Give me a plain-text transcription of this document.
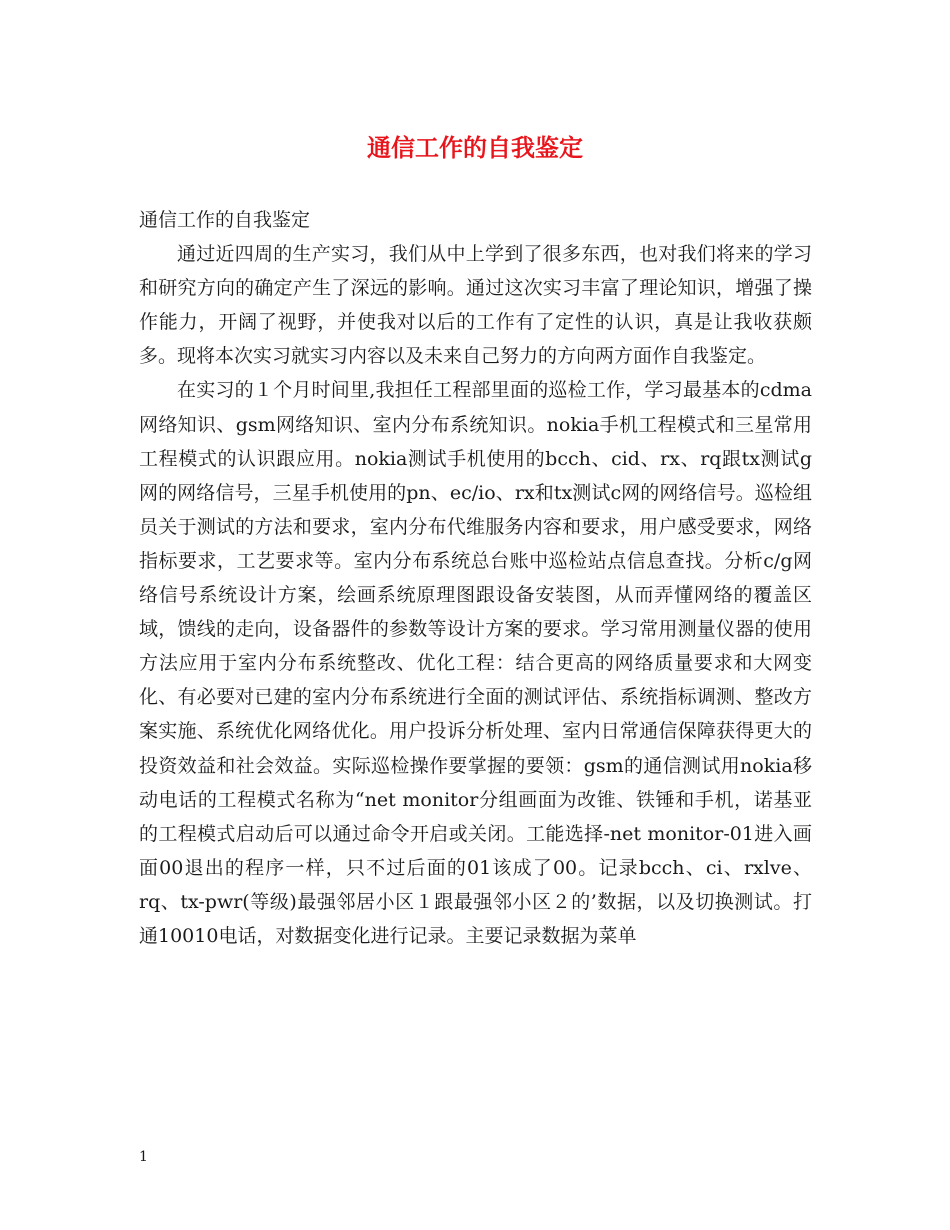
通信工作的自我鉴定

通信工作的自我鉴定

通过近四周的生产实习，我们从中上学到了很多东西，也对我们将来的学习和研究方向的确定产生了深远的影响。通过这次实习丰富了理论知识，增强了操作能力，开阔了视野，并使我对以后的工作有了定性的认识，真是让我收获颇多。现将本次实习就实习内容以及未来自己努力的方向两方面作自我鉴定。

在实习的１个月时间里,我担任工程部里面的巡检工作，学习最基本的cdma网络知识、gsm网络知识、室内分布系统知识。nokia手机工程模式和三星常用工程模式的认识跟应用。nokia测试手机使用的bcch、cid、rx、rq跟tx测试g网的网络信号，三星手机使用的pn、ec/io、rx和tx测试c网的网络信号。巡检组员关于测试的方法和要求，室内分布代维服务内容和要求，用户感受要求，网络指标要求，工艺要求等。室内分布系统总台账中巡检站点信息查找。分析c/g网络信号系统设计方案，绘画系统原理图跟设备安装图，从而弄懂网络的覆盖区域，馈线的走向，设备器件的参数等设计方案的要求。学习常用测量仪器的使用方法应用于室内分布系统整改、优化工程：结合更高的网络质量要求和大网变化、有必要对已建的室内分布系统进行全面的测试评估、系统指标调测、整改方案实施、系统优化网络优化。用户投诉分析处理、室内日常通信保障获得更大的投资效益和社会效益。实际巡检操作要掌握的要领：gsm的通信测试用nokia移动电话的工程模式名称为“net monitor分组画面为改锥、铁锤和手机，诺基亚的工程模式启动后可以通过命令开启或关闭。工能选择-net monitor-01进入画面00退出的程序一样，只不过后面的01该成了00。记录bcch、ci、rxlve、rq、tx-pwr(等级)最强邻居小区１跟最强邻小区２的’数据，以及切换测试。打通10010电话，对数据变化进行记录。主要记录数据为菜单

1
